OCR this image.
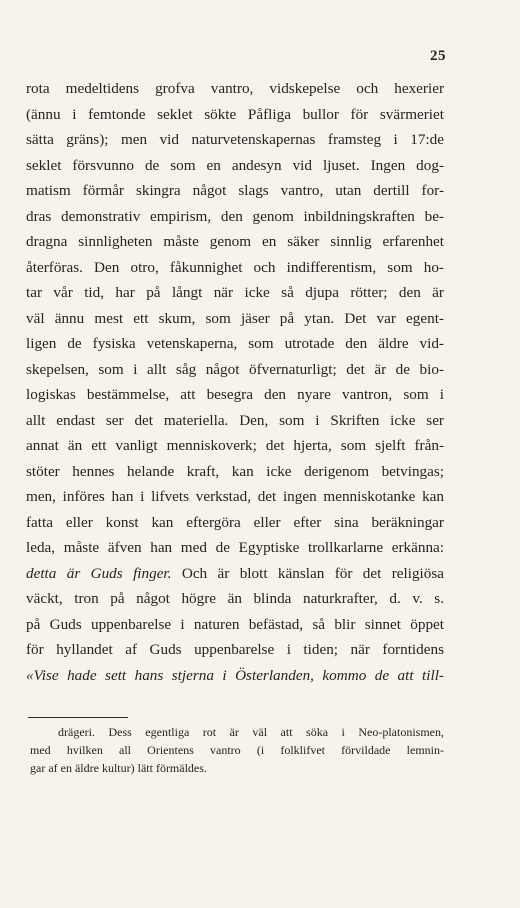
25
rota medeltidens grofva vantro, vidskepelse och hexerier
(ännu i femtonde seklet sökte Påfliga bullor för svärmeriet
sätta gräns); men vid naturvetenskapernas framsteg i 17:de
seklet försvunno de som en andesyn vid ljuset. Ingen dog-
matism förmår skingra något slags vantro, utan dertill for-
dras demonstrativ empirism, den genom inbildningskraften be-
dragna sinnligheten måste genom en säker sinnlig erfarenhet
återföras. Den otro, fåkunnighet och indifferentism, som ho-
tar vår tid, har på långt när icke så djupa rötter; den är
väl ännu mest ett skum, som jäser på ytan. Det var egent-
ligen de fysiska vetenskaperna, som utrotade den äldre vid-
skepelsen, som i allt såg något öfvernaturligt; det är de bio-
logiskas bestämmelse, att besegra den nyare vantron, som i
allt endast ser det materiella. Den, som i Skriften icke ser
annat än ett vanligt menniskoverk; det hjerta, som sjelft från-
stöter hennes helande kraft, kan icke derigenom betvingas;
men, införes han i lifvets verkstad, det ingen menniskotanke kan
fatta eller konst kan eftergöra eller efter sina beräkningar
leda, måste äfven han med de Egyptiske trollkarlarne erkänna:
detta är Guds finger. Och är blott känslan för det religiösa
väckt, tron på något högre än blinda naturkrafter, d. v. s.
på Guds uppenbarelse i naturen befästad, så blir sinnet öppet
för hyllandet af Guds uppenbarelse i tiden; när forntidens
«Vise hade sett hans stjerna i Österlanden, kommo de att till-
drägeri. Dess egentliga rot är väl att söka i Neo-platonismen,
med hvilken all Orientens vantro (i folklifvet förvildade lemnin-
gar af en äldre kultur) lätt förmäldes.
